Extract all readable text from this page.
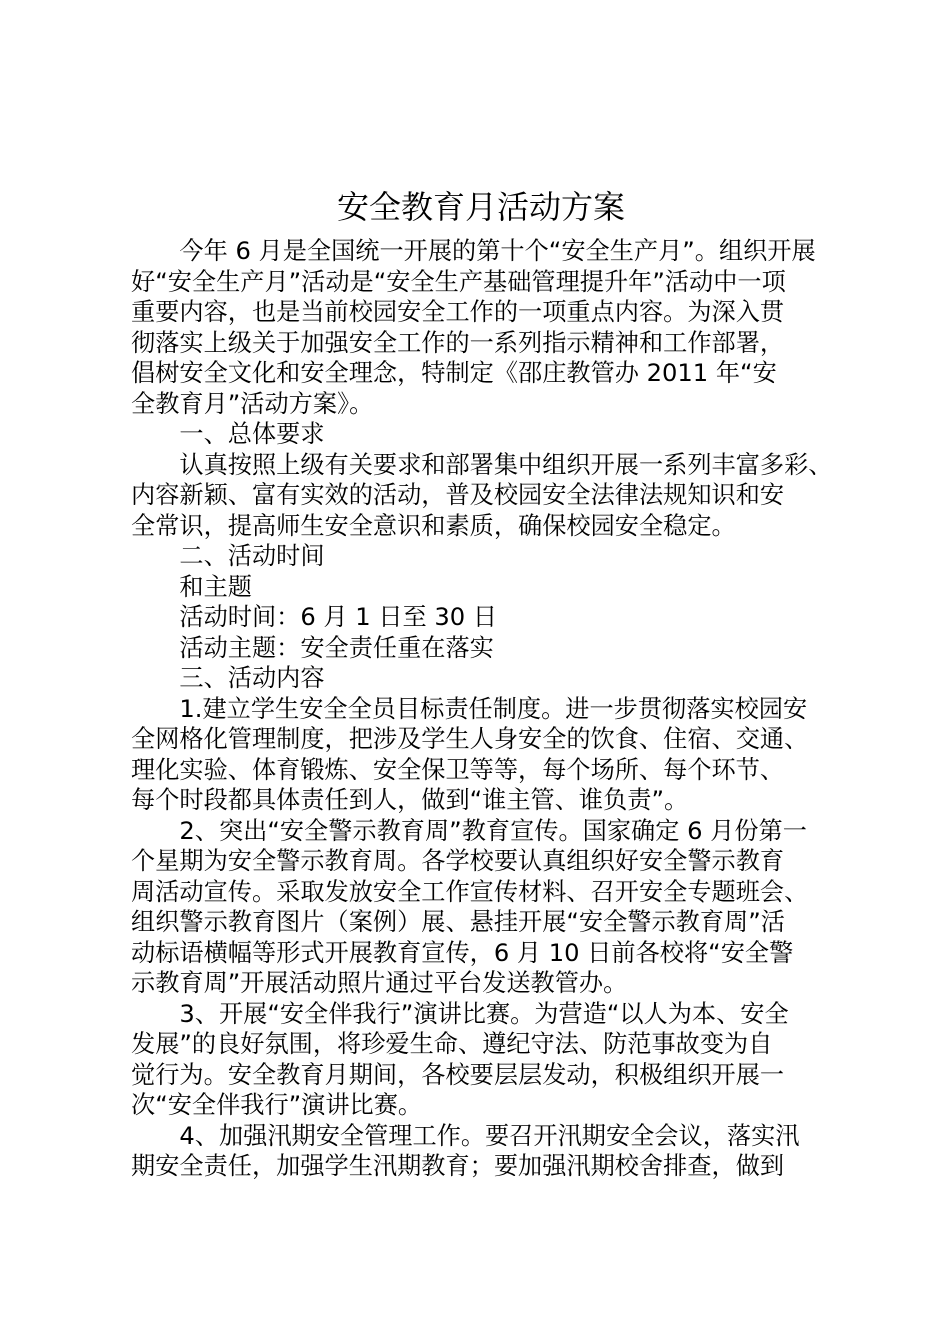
安全教育月活动方案
今年 6 月是全国统一开展的第十个“安全生产月”。组织开展
好“安全生产月”活动是“安全生产基础管理提升年”活动中一项
重要内容，也是当前校园安全工作的一项重点内容。为深入贯
彻落实上级关于加强安全工作的一系列指示精神和工作部署，
倡树安全文化和安全理念，特制定《邵庄教管办 2011 年“安
全教育月”活动方案》。
一、总体要求
认真按照上级有关要求和部署集中组织开展一系列丰富多彩、
内容新颖、富有实效的活动，普及校园安全法律法规知识和安
全常识，提高师生安全意识和素质，确保校园安全稳定。
二、活动时间
和主题
活动时间：6 月 1 日至 30 日
活动主题：安全责任重在落实
三、活动内容
1.建立学生安全全员目标责任制度。进一步贯彻落实校园安
全网格化管理制度，把涉及学生人身安全的饮食、住宿、交通、
理化实验、体育锻炼、安全保卫等等，每个场所、每个环节、
每个时段都具体责任到人，做到“谁主管、谁负责”。
2、突出“安全警示教育周”教育宣传。国家确定 6 月份第一
个星期为安全警示教育周。各学校要认真组织好安全警示教育
周活动宣传。采取发放安全工作宣传材料、召开安全专题班会、
组织警示教育图片（案例）展、悬挂开展“安全警示教育周”活
动标语横幅等形式开展教育宣传，6 月 10 日前各校将“安全警
示教育周”开展活动照片通过平台发送教管办。
3、开展“安全伴我行”演讲比赛。为营造“以人为本、安全
发展”的良好氛围，将珍爱生命、遵纪守法、防范事故变为自
觉行为。安全教育月期间，各校要层层发动，积极组织开展一
次“安全伴我行”演讲比赛。
4、加强汛期安全管理工作。要召开汛期安全会议，落实汛
期安全责任，加强学生汛期教育；要加强汛期校舍排查，做到
